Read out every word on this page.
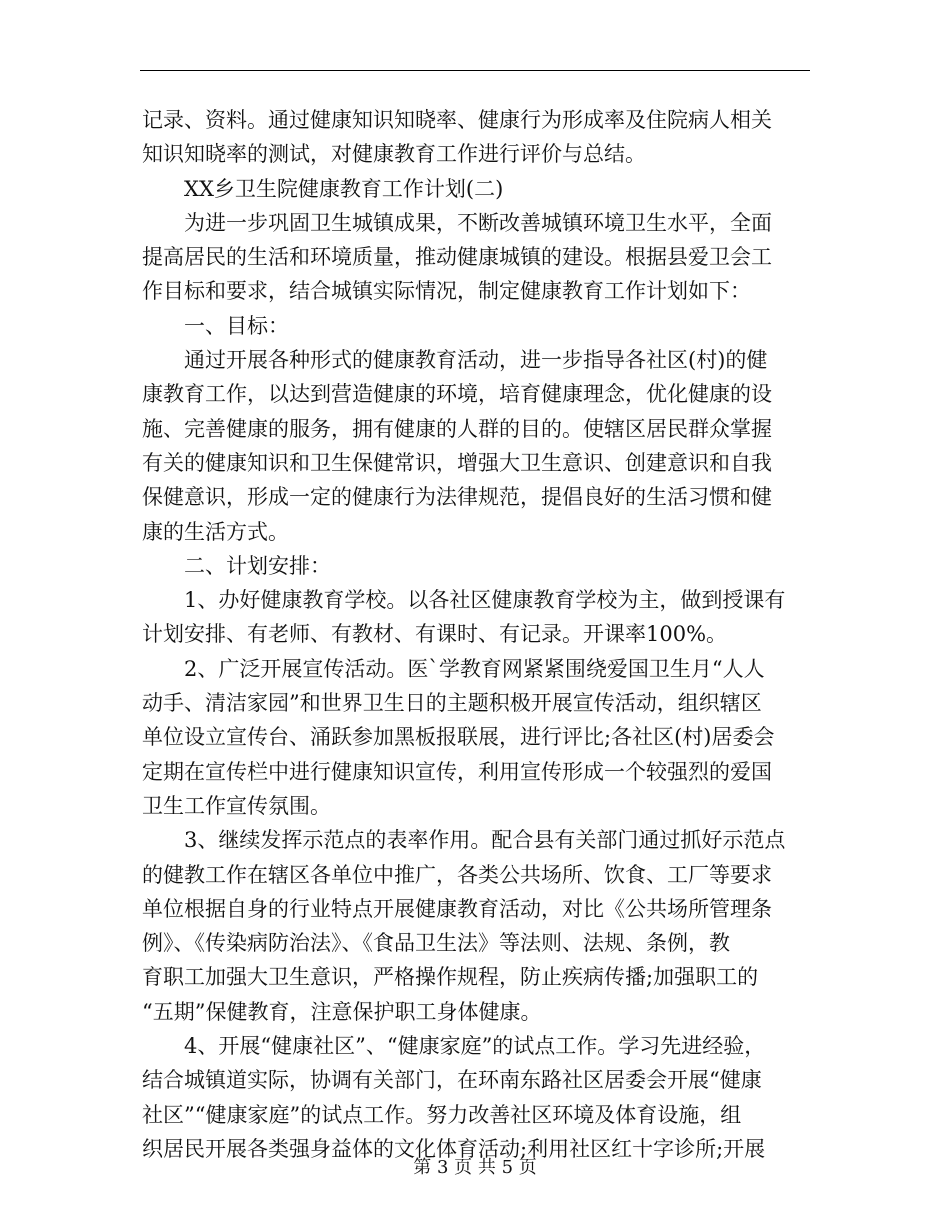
记录、资料。通过健康知识知晓率、健康行为形成率及住院病人相关
知识知晓率的测试，对健康教育工作进行评价与总结。
XX乡卫生院健康教育工作计划(二)
为进一步巩固卫生城镇成果，不断改善城镇环境卫生水平，全面
提高居民的生活和环境质量，推动健康城镇的建设。根据县爱卫会工
作目标和要求，结合城镇实际情况，制定健康教育工作计划如下：
一、目标：
通过开展各种形式的健康教育活动，进一步指导各社区(村)的健
康教育工作，以达到营造健康的环境，培育健康理念，优化健康的设
施、完善健康的服务，拥有健康的人群的目的。使辖区居民群众掌握
有关的健康知识和卫生保健常识，增强大卫生意识、创建意识和自我
保健意识，形成一定的健康行为法律规范，提倡良好的生活习惯和健
康的生活方式。
二、计划安排：
1、办好健康教育学校。以各社区健康教育学校为主，做到授课有
计划安排、有老师、有教材、有课时、有记录。开课率100%。
2、广泛开展宣传活动。医`学教育网紧紧围绕爱国卫生月“人人
动手、清洁家园”和世界卫生日的主题积极开展宣传活动，组织辖区
单位设立宣传台、涌跃参加黑板报联展，进行评比;各社区(村)居委会
定期在宣传栏中进行健康知识宣传，利用宣传形成一个较强烈的爱国
卫生工作宣传氛围。
3、继续发挥示范点的表率作用。配合县有关部门通过抓好示范点
的健教工作在辖区各单位中推广，各类公共场所、饮食、工厂等要求
单位根据自身的行业特点开展健康教育活动，对比《公共场所管理条
例》、《传染病防治法》、《食品卫生法》等法则、法规、条例，教
育职工加强大卫生意识，严格操作规程，防止疾病传播;加强职工的
“五期”保健教育，注意保护职工身体健康。
4、开展“健康社区”、“健康家庭”的试点工作。学习先进经验，
结合城镇道实际，协调有关部门，在环南东路社区居委会开展“健康
社区”“健康家庭”的试点工作。努力改善社区环境及体育设施，组
织居民开展各类强身益体的文化体育活动;利用社区红十字诊所;开展
第 3 页 共 5 页
